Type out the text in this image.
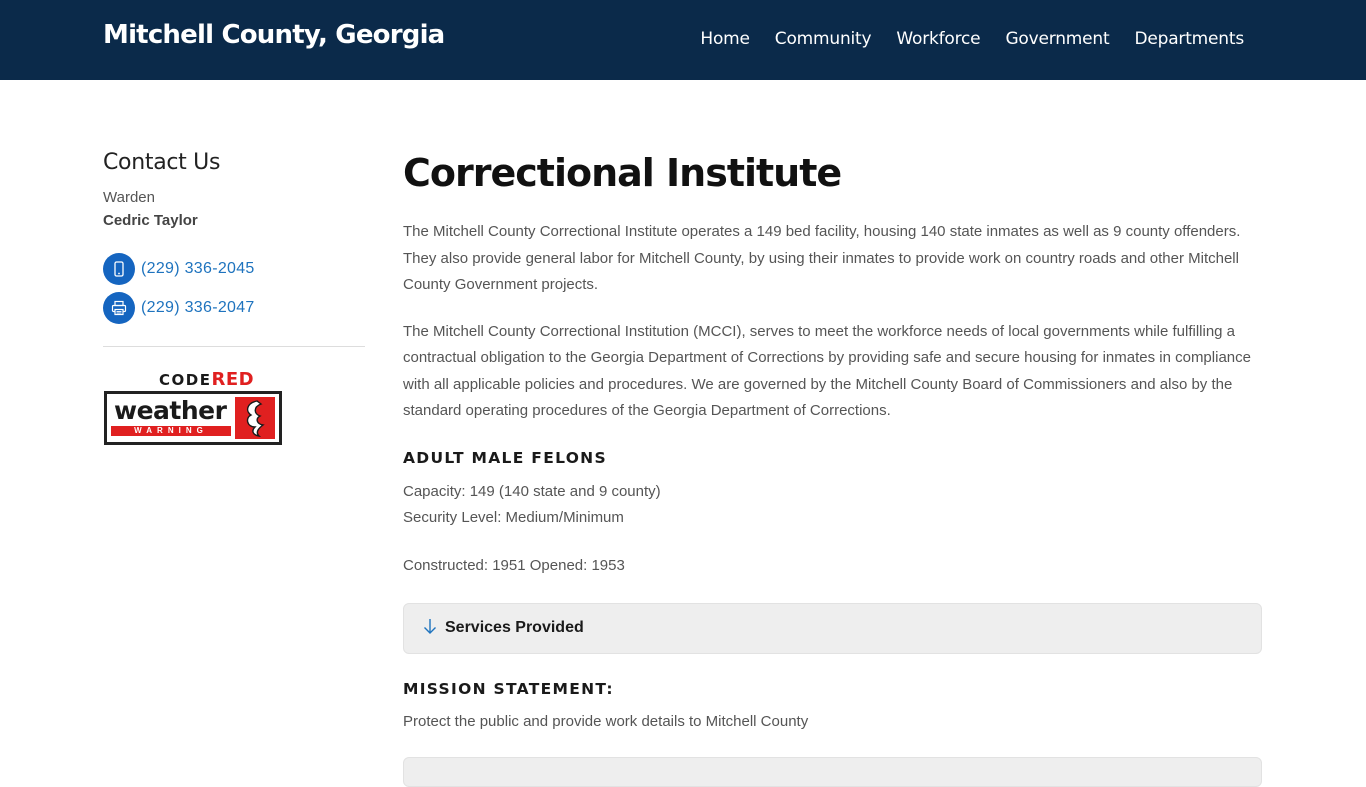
Mitchell County, Georgia	Home Community Workforce Government Departments
Contact Us
Warden
Cedric Taylor
(229) 336-2045
(229) 336-2047
CODERED
weather
WARNING
Correctional Institute

The Mitchell County Correctional Institute operates a 149 bed facility, housing 140 state inmates as well as 9 county offenders. They also provide general labor for Mitchell County, by using their inmates to provide work on country roads and other Mitchell County Government projects.

The Mitchell County Correctional Institution (MCCI), serves to meet the workforce needs of local governments while fulfilling a contractual obligation to the Georgia Department of Corrections by providing safe and secure housing for inmates in compliance with all applicable policies and procedures. We are governed by the Mitchell County Board of Commissioners and also by the standard operating procedures of the Georgia Department of Corrections.

ADULT MALE FELONS
Capacity: 149 (140 state and 9 county)
Security Level: Medium/Minimum
Constructed: 1951 Opened: 1953
Services Provided
MISSION STATEMENT:
Protect the public and provide work details to Mitchell County
